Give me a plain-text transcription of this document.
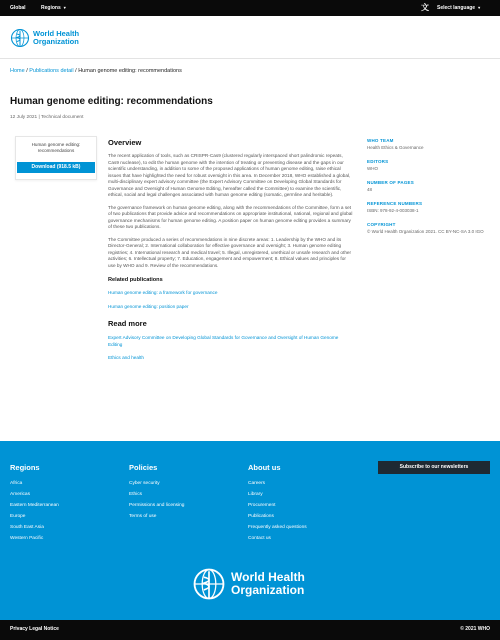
Global	Regions ▾	文 Select language ▾
World Health
Organization
Home / Publications detail / Human genome editing: recommendations
Human genome editing: recommendations
12 July 2021 | Technical document
Human genome editing: recommendations
Download (918.5 kB)
Overview

The recent application of tools, such as CRISPR-Cas9 (clustered regularly interspaced short palindromic repeats, Cas9 nuclease), to edit the human genome with the intention of treating or preventing disease and the gaps in our scientific understanding, in addition to some of the proposed applications of human genome editing, raise ethical issues that have highlighted the need for robust oversight in this area. In December 2018, WHO established a global, multi-disciplinary expert advisory committee (the Expert Advisory Committee on Developing Global Standards for Governance and Oversight of Human Genome Editing, hereafter called the Committee) to examine the scientific, ethical, social and legal challenges associated with human genome editing (somatic, germline and heritable).

The governance framework on human genome editing, along with the recommendations of the Committee, form a set of two publications that provide advice and recommendations on appropriate institutional, national, regional and global governance mechanisms for human genome editing. A position paper on human genome editing provides a summary of these two publications.

The Committee produced a series of recommendations in nine discrete areas: 1. Leadership by the WHO and its Director-General; 2. International collaboration for effective governance and oversight; 3. Human genome editing registries; 4. International research and medical travel; 5. Illegal, unregistered, unethical or unsafe research and other activities; 6. Intellectual property; 7. Education, engagement and empowerment; 8. Ethical values and principles for use by WHO and 9. Review of the recommendations.

Related publications
Human genome editing: a framework for governance
Human genome editing: position paper
Read more
Expert Advisory Committee on Developing Global Standards for Governance and Oversight of Human Genome Editing
Ethics and health
WHO TEAM
Health Ethics & Governance
EDITORS
WHO
NUMBER OF PAGES
48
REFERENCE NUMBERS
ISBN: 978-92-4-003038-1
COPYRIGHT
© World Health Organization 2021. CC BY-NC-SA 3.0 IGO
Regions
Africa
Americas
Eastern Mediterranean
Europe
South East Asia
Western Pacific
Policies
Cyber security
Ethics
Permissions and licensing
Terms of use
About us
Careers
Library
Procurement
Publications
Frequently asked questions
Contact us
Subscribe to our newsletters
World Health
Organization
Privacy Legal Notice	© 2021 WHO
